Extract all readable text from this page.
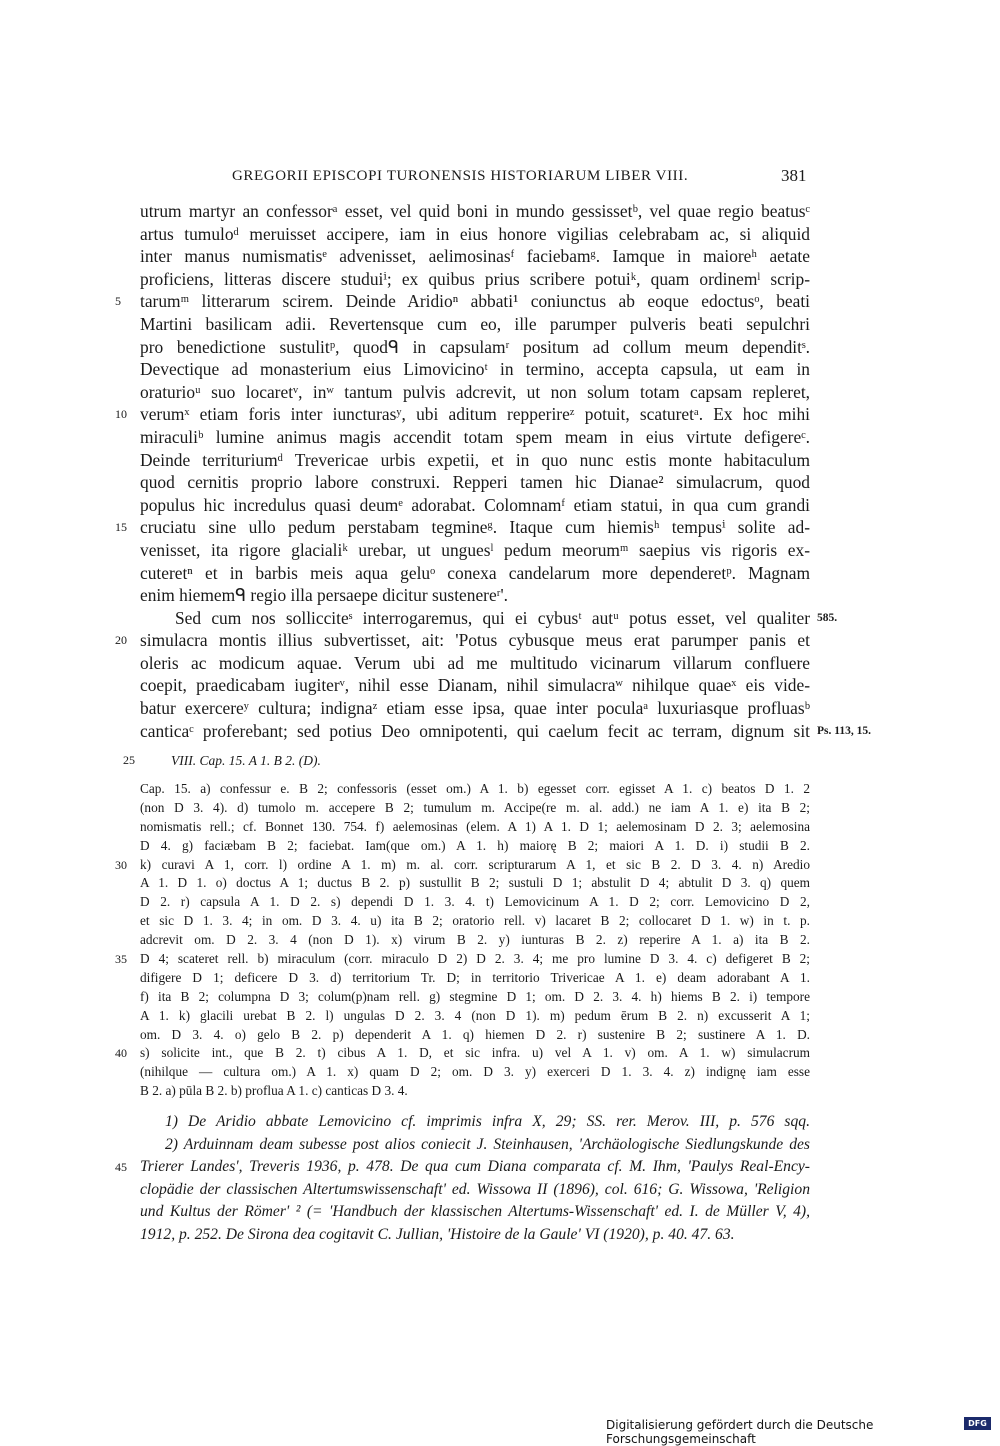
GREGORII EPISCOPI TURONENSIS HISTORIARUM LIBER VIII.	381
utrum martyr an confessorᵃ esset, vel quid boni in mundo gessissetᵇ, vel quae regio beatusᶜ
artus tumuloᵈ meruisset accipere, iam in eius honore vigilias celebrabam ac, si aliquid
inter manus numismatisᵉ advenisset, aelimosinasᶠ faciebamᵍ. Iamque in maioreʰ aetate
proficiens, litteras discere studuiⁱ; ex quibus prius scribere potuiᵏ, quam ordinemˡ scrip-
tarumᵐ litterarum scirem. Deinde Aridioⁿ abbati¹ coniunctus ab eoque edoctusᵒ, beati
5
Martini basilicam adii. Revertensque cum eo, ille parumper pulveris beati sepulchri
pro benedictione sustulitᵖ, quodᑫ in capsulamʳ positum ad collum meum dependitˢ.
Devectique ad monasterium eius Limovicinoᵗ in termino, accepta capsula, ut eam in
oraturioᵘ suo locaretᵛ, inʷ tantum pulvis adcrevit, ut non solum totam capsam repleret,
verumˣ etiam foris inter iuncturasʸ, ubi aditum repperireᶻ potuit, scaturetᵃ. Ex hoc mihi
10
miraculiᵇ lumine animus magis accendit totam spem meam in eius virtute defigereᶜ.
Deinde territuriumᵈ Trevericae urbis expetii, et in quo nunc estis monte habitaculum
quod cernitis proprio labore construxi. Repperi tamen hic Dianae² simulacrum, quod
populus hic incredulus quasi deumᵉ adorabat. Colomnamᶠ etiam statui, in qua cum grandi
cruciatu sine ullo pedum perstabam tegmineᵍ. Itaque cum hiemisʰ tempusⁱ solite ad-
15
venisset, ita rigore glacialiᵏ urebar, ut unguesˡ pedum meorumᵐ saepius vis rigoris ex-
cuteretⁿ et in barbis meis aqua geluᵒ conexa candelarum more dependeretᵖ. Magnam
enim hiememᑫ regio illa persaepe dicitur sustenereʳ'.
Sed cum nos sollicciteˢ interrogaremus, qui ei cybusᵗ autᵘ potus esset, vel qualiter 585.
simulacra montis illius subvertisset, ait: 'Potus cybusque meus erat parumper panis et
20
oleris ac modicum aquae. Verum ubi ad me multitudo vicinarum villarum confluere
coepit, praedicabam iugiterᵛ, nihil esse Dianam, nihil simulacraʷ nihilque quaeˣ eis vide-
batur exercereʸ cultura; indignaᶻ etiam esse ipsa, quae inter poculaᵃ luxuriasque profluasᵇ
canticaᶜ proferebant; sed potius Deo omnipotenti, qui caelum fecit ac terram, dignum sit Ps. 113, 15.
25	VIII. Cap. 15. A 1. B 2. (D).
Cap. 15. a) confessur e. B 2; confessoris (esset om.) A 1. b) egesset corr. egisset A 1. c) beatos D 1. 2
(non D 3. 4). d) tumolo m. accepere B 2; tumulum m. Accipe(re m. al. add.) ne iam A 1. e) ita B 2;
nomismatis rell.; cf. Bonnet 130. 754. f) aelemosinas (elem. A 1) A 1. D 1; aelemosinam D 2. 3; aelemosina
D 4. g) faciæbam B 2; faciebat. Iam(que om.) A 1. h) maiorę B 2; maiori A 1. D. i) studii B 2.
k) curavi A 1, corr. l) ordine A 1. m) m. al. corr. scripturarum A 1, et sic B 2. D 3. 4. n) Aredio
30
A 1. D 1. o) doctus A 1; ductus B 2. p) sustullit B 2; sustuli D 1; abstulit D 4; abtulit D 3. q) quem
D 2. r) capsula A 1. D 2. s) dependi D 1. 3. 4. t) Lemovicinum A 1. D 2; corr. Lemovicino D 2,
et sic D 1. 3. 4; in om. D 3. 4. u) ita B 2; oratorio rell. v) lacaret B 2; collocaret D 1. w) in t. p.
adcrevit om. D 2. 3. 4 (non D 1). x) virum B 2. y) iunturas B 2. z) reperire A 1. a) ita B 2.
D 4; scateret rell. b) miraculum (corr. miraculo D 2) D 2. 3. 4; me pro lumine D 3. 4. c) defigeret B 2;
35
difigere D 1; deficere D 3. d) territorium Tr. D; in territorio Trivericae A 1. e) deam adorabant A 1.
f) ita B 2; columpna D 3; colum(p)nam rell. g) stegmine D 1; om. D 2. 3. 4. h) hiems B 2. i) tempore
A 1. k) glacili urebat B 2. l) ungulas D 2. 3. 4 (non D 1). m) pedum ērum B 2. n) excusserit A 1;
om. D 3. 4. o) gelo B 2. p) dependerit A 1. q) hiemen D 2. r) sustenire B 2; sustinere A 1. D.
s) solicite int., que B 2. t) cibus A 1. D, et sic infra. u) vel A 1. v) om. A 1. w) simulacrum
40
(nihilque — cultura om.) A 1. x) quam D 2; om. D 3. y) exerceri D 1. 3. 4. z) indignę iam esse
B 2. a) pūla B 2. b) proflua A 1. c) canticas D 3. 4.
1) De Aridio abbate Lemovicino cf. imprimis infra X, 29; SS. rer. Merov. III, p. 576 sqq.
2) Arduinnam deam subesse post alios coniecit J. Steinhausen, 'Archäologische Siedlungskunde des
Trierer Landes', Treveris 1936, p. 478. De qua cum Diana comparata cf. M. Ihm, 'Paulys Real-Ency-
45
clopädie der classischen Altertumswissenschaft' ed. Wissowa II (1896), col. 616; G. Wissowa, 'Religion
und Kultus der Römer' ² (= 'Handbuch der klassischen Altertums-Wissenschaft' ed. I. de Müller V, 4),
1912, p. 252. De Sirona dea cogitavit C. Jullian, 'Histoire de la Gaule' VI (1920), p. 40. 47. 63.
Digitalisierung gefördert durch die Deutsche Forschungsgemeinschaft
DFG
